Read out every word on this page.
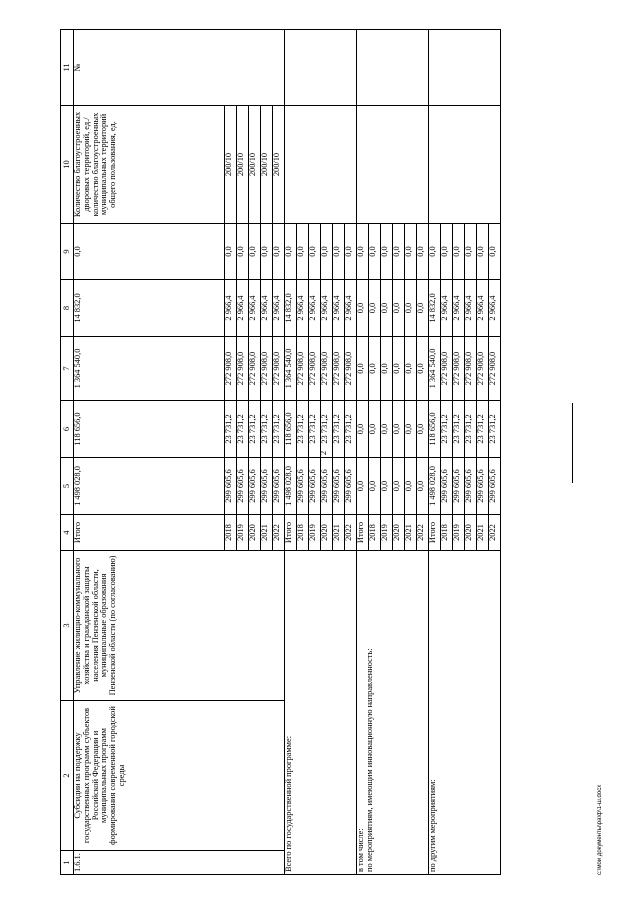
2
c:\мои документы\ра\ф\1-ш.docx
1	2	3	4	5	6	7	8	9	10	11
1.6.1.	Субсидии на поддержку государственных программ субъектов Российской Федерации и муниципальных программ формирования современной городской среды	Управление жилищно-коммунального хозяйства и гражданской защиты населения Пензенской области, муниципальные образования Пензенской области (по согласованию)	Итого	1 498 028,0	118 656,0	1 364 540,0	14 832,0	0,0	Количество благоустроенных дворовых территорий, ед./количество благоустроенных муниципальных территорий общего пользования, ед.	№
			2018	299 605,6	23 731,2	272 908,0	2 966,4	0,0	200/10	
			2019	299 605,6	23 731,2	272 908,0	2 966,4	0,0	200/10	
			2020	299 605,6	23 731,2	272 908,0	2 966,4	0,0	200/10	
			2021	299 605,6	23 731,2	272 908,0	2 966,4	0,0	200/10	
			2022	299 605,6	23 731,2	272 908,0	2 966,4	0,0	200/10	

Всего по государственной программе:			Итого	1 498 028,0	118 656,0	1 364 540,0	14 832,0	0,0		
			2018	299 605,6	23 731,2	272 908,0	2 966,4	0,0		
			2019	299 605,6	23 731,2	272 908,0	2 966,4	0,0		
			2020	299 605,6	23 731,2	272 908,0	2 966,4	0,0		
			2021	299 605,6	23 731,2	272 908,0	2 966,4	0,0		
			2022	299 605,6	23 731,2	272 908,0	2 966,4	0,0		

в том числе: по мероприятиям, имеющим инновационную направленность:			Итого	0,0	0,0	0,0	0,0	0,0		
			2018	0,0	0,0	0,0	0,0	0,0		
			2019	0,0	0,0	0,0	0,0	0,0		
			2020	0,0	0,0	0,0	0,0	0,0		
			2021	0,0	0,0	0,0	0,0	0,0		
			2022	0,0	0,0	0,0	0,0	0,0		

по другим мероприятиям:			Итого	1 498 028,0	118 656,0	1 364 540,0	14 832,0	0,0		
			2018	299 605,6	23 731,2	272 908,0	2 966,4	0,0		
			2019	299 605,6	23 731,2	272 908,0	2 966,4	0,0		
			2020	299 605,6	23 731,2	272 908,0	2 966,4	0,0		
			2021	299 605,6	23 731,2	272 908,0	2 966,4	0,0		
			2022	299 605,6	23 731,2	272 908,0	2 966,4	0,0		
